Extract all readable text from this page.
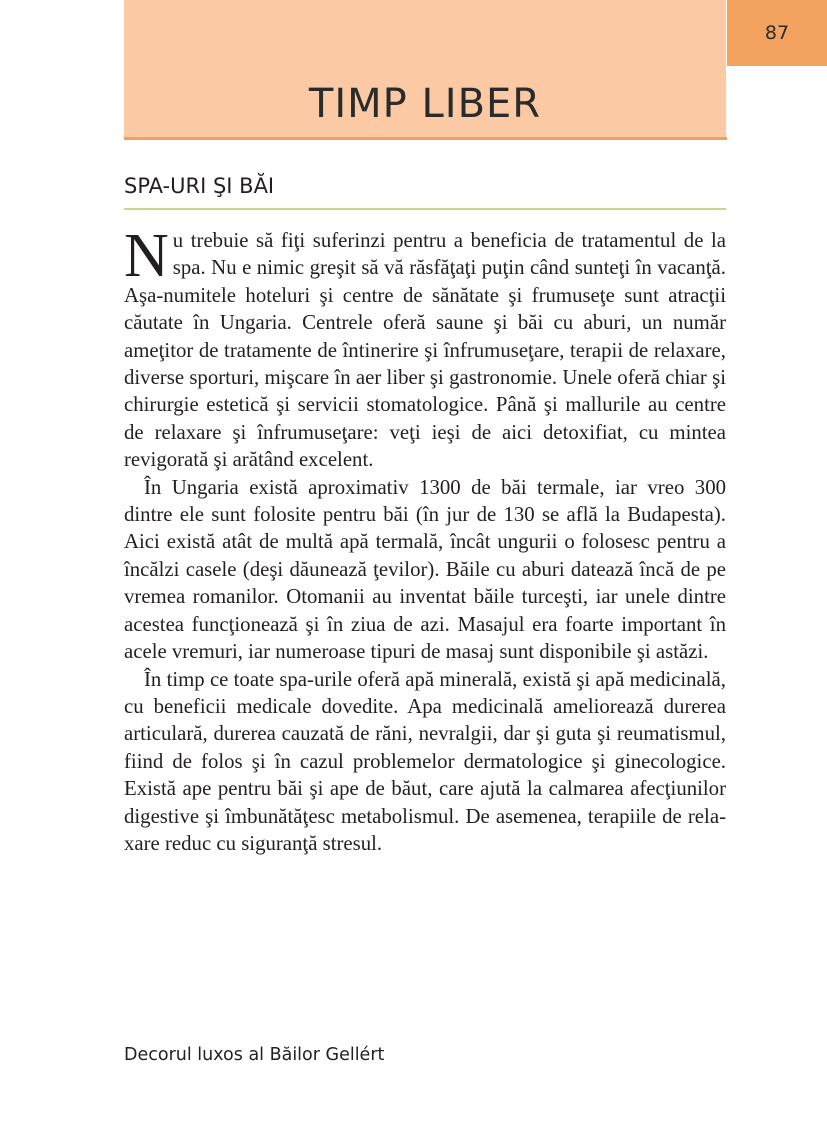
87
TIMP LIBER
SPA-URI ŞI BĂI

Nu trebuie să fiţi suferinzi pentru a beneficia de tratamentul de la spa. Nu e nimic greşit să vă răsfăţaţi puţin când sunteţi în vacanţă. Aşa-numitele hoteluri şi centre de sănătate şi frumuseţe sunt atracţii căutate în Ungaria. Centrele oferă saune şi băi cu aburi, un număr ameţitor de tratamente de întinerire şi înfrumuseţare, terapii de relaxare, diverse sporturi, mişcare în aer liber şi gastronomie. Unele oferă chiar şi chirurgie estetică şi servicii stomatologice. Până şi mallurile au centre de relaxare şi înfrumuseţare: veţi ieşi de aici detoxifiat, cu mintea revigorată şi arătând excelent.

În Ungaria există aproximativ 1300 de băi termale, iar vreo 300 dintre ele sunt folosite pentru băi (în jur de 130 se află la Budapesta). Aici există atât de multă apă termală, încât ungurii o folosesc pentru a încălzi casele (deşi dăunează ţevilor). Băile cu aburi datează încă de pe vremea romanilor. Otomanii au inventat băile turceşti, iar unele dintre acestea funcţionează şi în ziua de azi. Masajul era foarte important în acele vremuri, iar numeroase tipuri de masaj sunt disponibile şi astăzi.

În timp ce toate spa-urile oferă apă minerală, există şi apă medicinală, cu beneficii medicale dovedite. Apa medicinală ameliorează durerea articulară, durerea cauzată de răni, nevralgii, dar şi guta şi reumatismul, fiind de folos şi în cazul problemelor dermatologice şi ginecologice. Există ape pentru băi şi ape de băut, care ajută la calmarea afecţiunilor digestive şi îmbunătăţesc metabolismul. De asemenea, terapiile de relaxare reduc cu siguranţă stresul.

Decorul luxos al Băilor Gellért
